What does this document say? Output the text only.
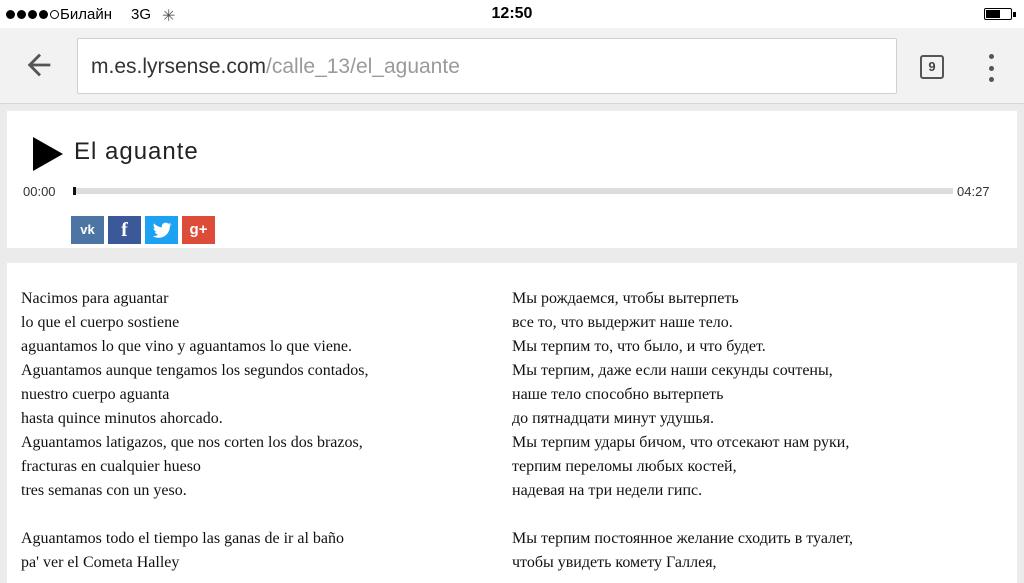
Билайн 3G ✳	12:50
m.es.lyrsense.com/calle_13/el_aguante	9
El aguante
00:00	04:27
vk	f	g+
Nacimos para aguantar
lo que el cuerpo sostiene
aguantamos lo que vino y aguantamos lo que viene.
Aguantamos aunque tengamos los segundos contados,
nuestro cuerpo aguanta
hasta quince minutos ahorcado.
Aguantamos latigazos, que nos corten los dos brazos,
fracturas en cualquier hueso
tres semanas con un yeso.
Aguantamos todo el tiempo las ganas de ir al baño
pa' ver el Cometa Halley
Мы рождаемся, чтобы вытерпеть
все то, что выдержит наше тело.
Мы терпим то, что было, и что будет.
Мы терпим, даже если наши секунды сочтены,
наше тело способно вытерпеть
до пятнадцати минут удушья.
Мы терпим удары бичом, что отсекают нам руки,
терпим переломы любых костей,
надевая на три недели гипс.
Мы терпим постоянное желание сходить в туалет,
чтобы увидеть комету Галлея,
